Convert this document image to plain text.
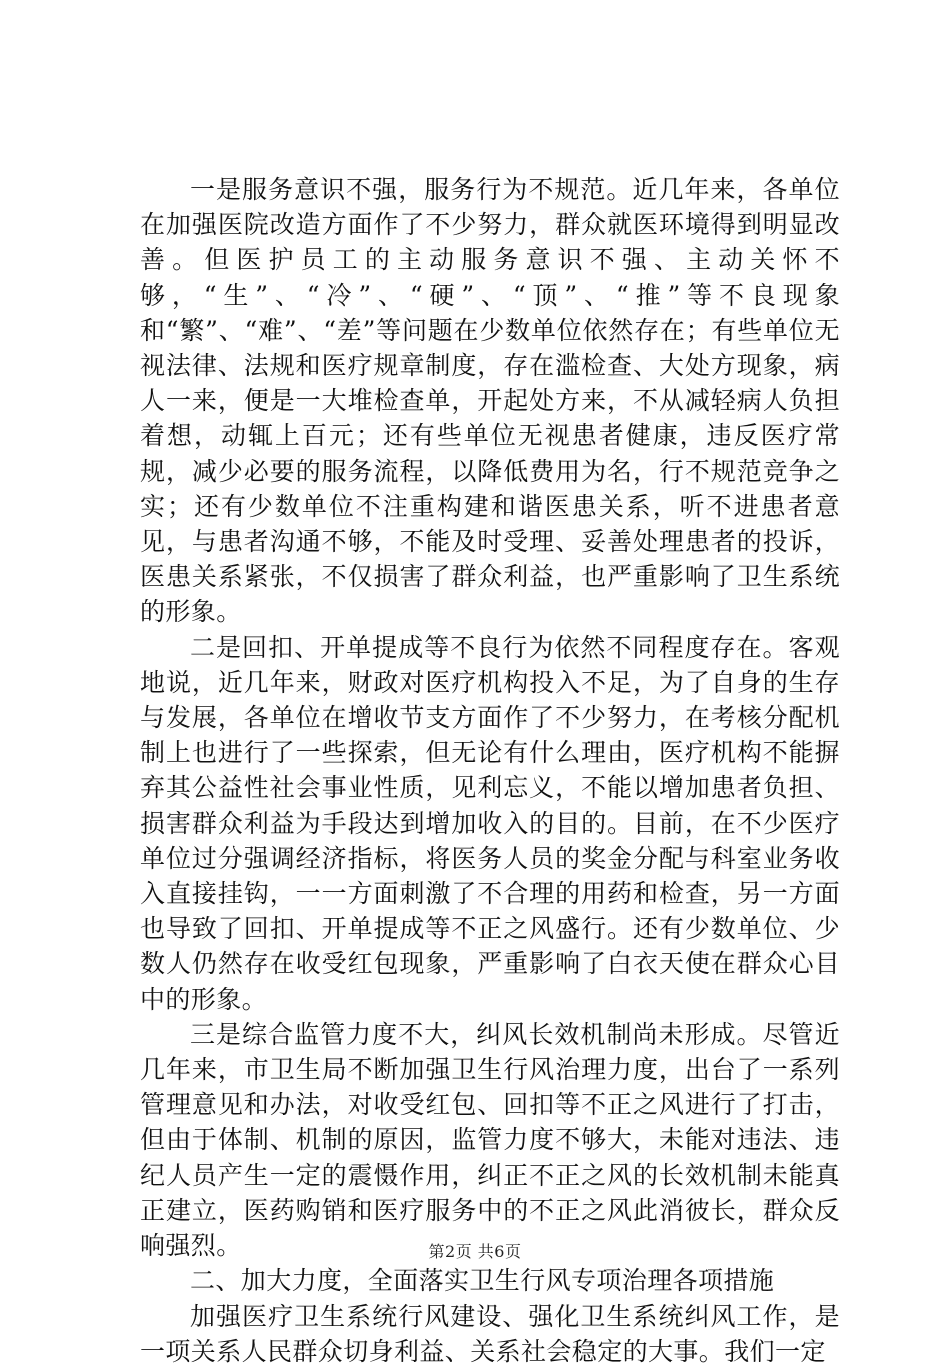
一是服务意识不强，服务行为不规范。近几年来，各单位在加强医院改造方面作了不少努力，群众就医环境得到明显改善。但医护员工的主动服务意识不强、主动关怀不够，“生”、“冷”、“硬”、“顶”、“推”等不良现象和“繁”、“难”、“差”等问题在少数单位依然存在；有些单位无视法律、法规和医疗规章制度，存在滥检查、大处方现象，病人一来，便是一大堆检查单，开起处方来，不从减轻病人负担着想，动辄上百元；还有些单位无视患者健康，违反医疗常规，减少必要的服务流程，以降低费用为名，行不规范竞争之实；还有少数单位不注重构建和谐医患关系，听不进患者意见，与患者沟通不够，不能及时受理、妥善处理患者的投诉，医患关系紧张，不仅损害了群众利益，也严重影响了卫生系统的形象。

二是回扣、开单提成等不良行为依然不同程度存在。客观地说，近几年来，财政对医疗机构投入不足，为了自身的生存与发展，各单位在增收节支方面作了不少努力，在考核分配机制上也进行了一些探索，但无论有什么理由，医疗机构不能摒弃其公益性社会事业性质，见利忘义，不能以增加患者负担、损害群众利益为手段达到增加收入的目的。目前，在不少医疗单位过分强调经济指标，将医务人员的奖金分配与科室业务收入直接挂钩，一一方面刺激了不合理的用药和检查，另一方面也导致了回扣、开单提成等不正之风盛行。还有少数单位、少数人仍然存在收受红包现象，严重影响了白衣天使在群众心目中的形象。

三是综合监管力度不大，纠风长效机制尚未形成。尽管近几年来，市卫生局不断加强卫生行风治理力度，出台了一系列管理意见和办法，对收受红包、回扣等不正之风进行了打击，但由于体制、机制的原因，监管力度不够大，未能对违法、违纪人员产生一定的震慑作用，纠正不正之风的长效机制未能真正建立，医药购销和医疗服务中的不正之风此消彼长，群众反响强烈。

二、加大力度，全面落实卫生行风专项治理各项措施

加强医疗卫生系统行风建设、强化卫生系统纠风工作，是一项关系人民群众切身利益、关系社会稳定的大事。我们一定

第2页 共6页
